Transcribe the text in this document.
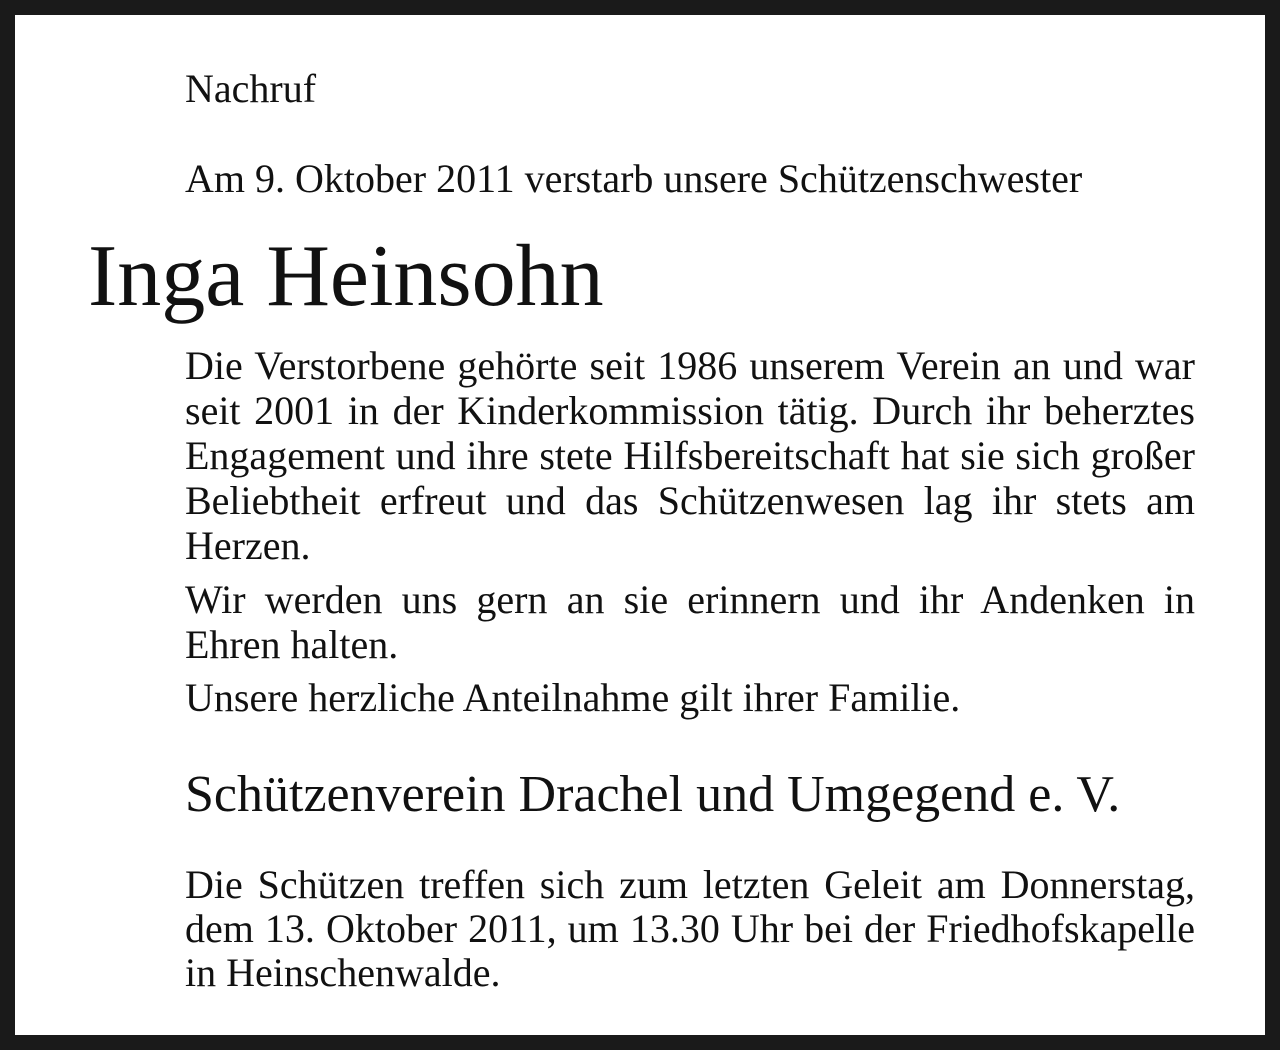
Nachruf

Am 9. Oktober 2011 verstarb unsere Schützenschwester

Inga Heinsohn

Die Verstorbene gehörte seit 1986 unserem Verein an und war seit 2001 in der Kinderkommission tätig. Durch ihr beherztes Engagement und ihre stete Hilfsbereitschaft hat sie sich großer Beliebtheit erfreut und das Schützenwesen lag ihr stets am Herzen.

Wir werden uns gern an sie erinnern und ihr Andenken in Ehren halten.

Unsere herzliche Anteilnahme gilt ihrer Familie.

Schützenverein Drachel und Umgegend e. V.

Die Schützen treffen sich zum letzten Geleit am Donnerstag, dem 13. Oktober 2011, um 13.30 Uhr bei der Friedhofskapelle in Heinschenwalde.
